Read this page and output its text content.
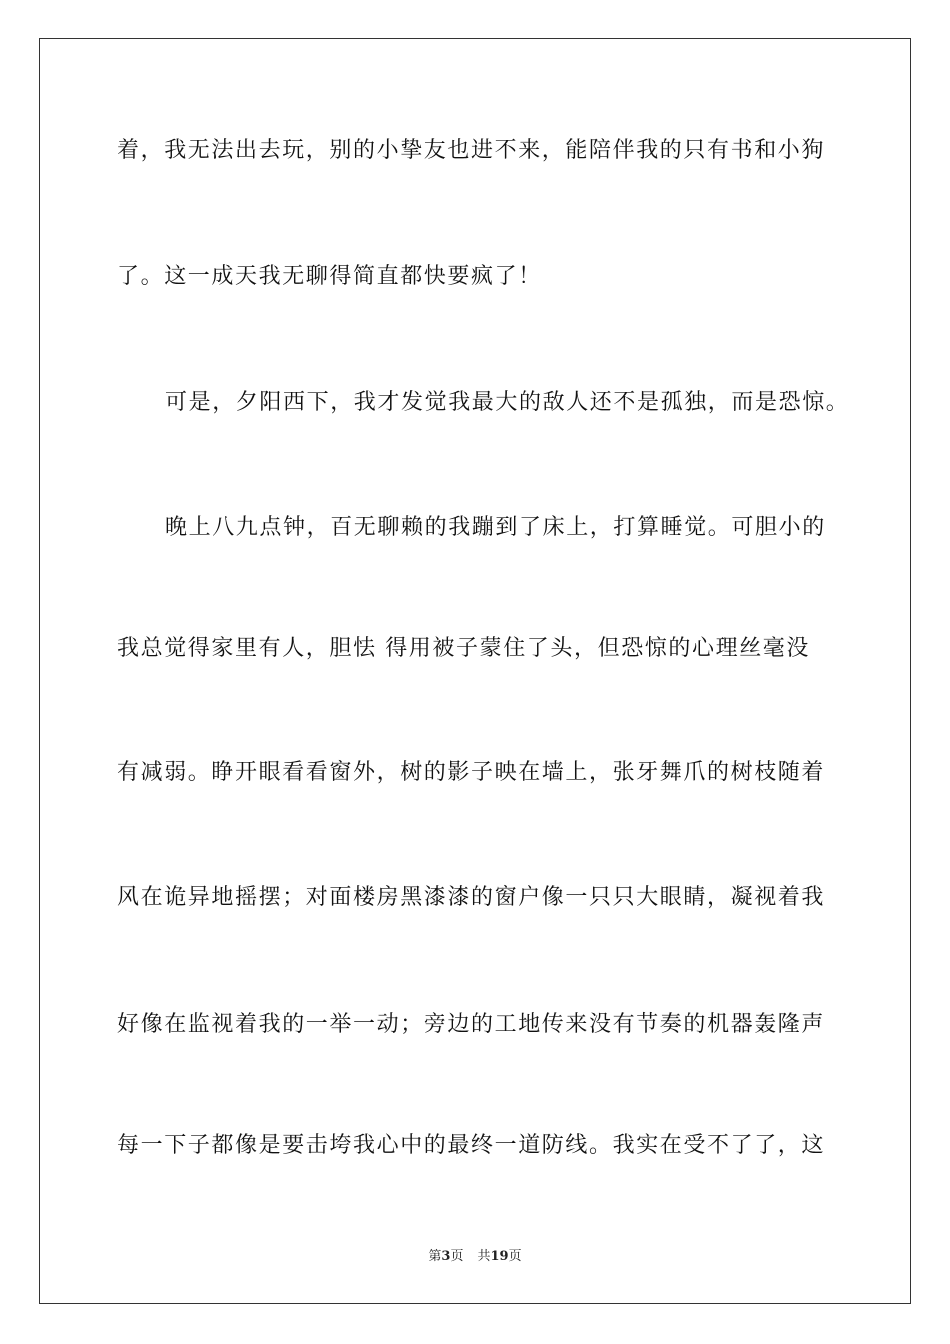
着，我无法出去玩，别的小挚友也进不来，能陪伴我的只有书和小狗
了。这一成天我无聊得简直都快要疯了！
可是，夕阳西下，我才发觉我最大的敌人还不是孤独，而是恐惊。
晚上八九点钟，百无聊赖的我蹦到了床上，打算睡觉。可胆小的
我总觉得家里有人，胆怯 得用被子蒙住了头，但恐惊的心理丝毫没
有减弱。睁开眼看看窗外，树的影子映在墙上，张牙舞爪的树枝随着
风在诡异地摇摆；对面楼房黑漆漆的窗户像一只只大眼睛，凝视着我
好像在监视着我的一举一动；旁边的工地传来没有节奏的机器轰隆声
每一下子都像是要击垮我心中的最终一道防线。我实在受不了了，这
第3页 共19页
